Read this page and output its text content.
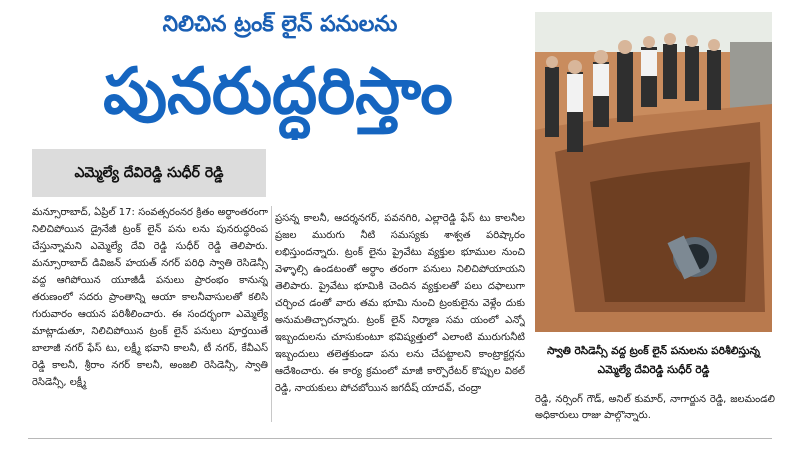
నిలిచిన ట్రంక్ లైన్ పనులను
పునరుద్ధరిస్తాం
ఎమ్మెల్యే దేవిరెడ్డి సుధీర్ రెడ్డి

మన్సూరాబాద్, ఏప్రిల్ 17: సంవత్సరంనర క్రితం అర్ధాంతరంగా నిలిచిపోయిన డ్రైనేజీ ట్రంక్ లైన్ పను లను పునరుద్ధరింప చేస్తున్నామని ఎమ్మెల్యే దేవి రెడ్డి సుధీర్ రెడ్డి తెలిపారు. మన్సూరాబాద్ డివిజన్ హయత్ నగర్ పరిధి స్వాతి రెసిడెన్సీ వద్ద ఆగిపోయిన యూజీడీ పనులు ప్రారంభం కానున్న తరుణంలో సదరు ప్రాంతాన్ని ఆయా కాలనీవాసులతో కలిసి గురువారం ఆయన పరిశీలించారు. ఈ సందర్భంగా ఎమ్మెల్యే మాట్లాడుతూ, నిలిచిపోయిన ట్రంక్ లైన్ పనులు పూర్తయితే బాలాజీ నగర్ ఫేస్ టు, లక్ష్మీ భవాని కాలనీ, టీ నగర్, కేవీఎస్ రెడ్డి కాలనీ, శ్రీరాం నగర్ కాలనీ, అంజలి రెసిడెన్సీ, స్వాతి రెసిడెన్సీ, లక్ష్మీ

ప్రసన్న కాలనీ, ఆదర్శనగర్, పవనగిరి, ఎల్లారెడ్డి ఫేస్ టు కాలనీల ప్రజల మురుగు నీటి సమస్యకు శాశ్వత పరిష్కారం లభిస్తుందన్నారు. ట్రంక్ లైను ప్రైవేటు వ్యక్తుల భూముల నుంచి వెళ్ళాల్సి ఉండటంతో అర్ధాం తరంగా పనులు నిలిచిపోయాయని తెలిపారు. ప్రైవేటు భూమికి చెందిన వ్యక్తులతో పలు దఫాలుగా చర్చించ డంతో వారు తమ భూమి నుంచి ట్రంకులైను వెళ్లేం దుకు అనుమతిచ్చారన్నారు. ట్రంక్ లైన్ నిర్మాణ సమ యంలో ఎన్నో ఇబ్బందులను చూసుకుంటూ భవిష్యత్తులో ఎలాంటి మురుగునీటి ఇబ్బందులు తలెత్తకుండా పను లను చేపట్టాలని కాంట్రాక్టర్లను ఆదేశించారు. ఈ కార్య క్రమంలో మాజీ కార్పొరేటర్ కొప్పుల విఠల్ రెడ్డి, నాయకులు పోచబోయిన జగదీష్ యాదవ్, చంద్రా

స్వాతి రెసిడెన్సీ వద్ద ట్రంక్ లైన్ పనులను పరిశీలిస్తున్న ఎమ్మెల్యే దేవిరెడ్డి సుధీర్ రెడ్డి

రెడ్డి, నర్సింగ్ గౌడ్, అనిల్ కుమార్, నాగార్జున రెడ్డి, జలమండలి అధికారులు రాజు పాల్గొన్నారు.
